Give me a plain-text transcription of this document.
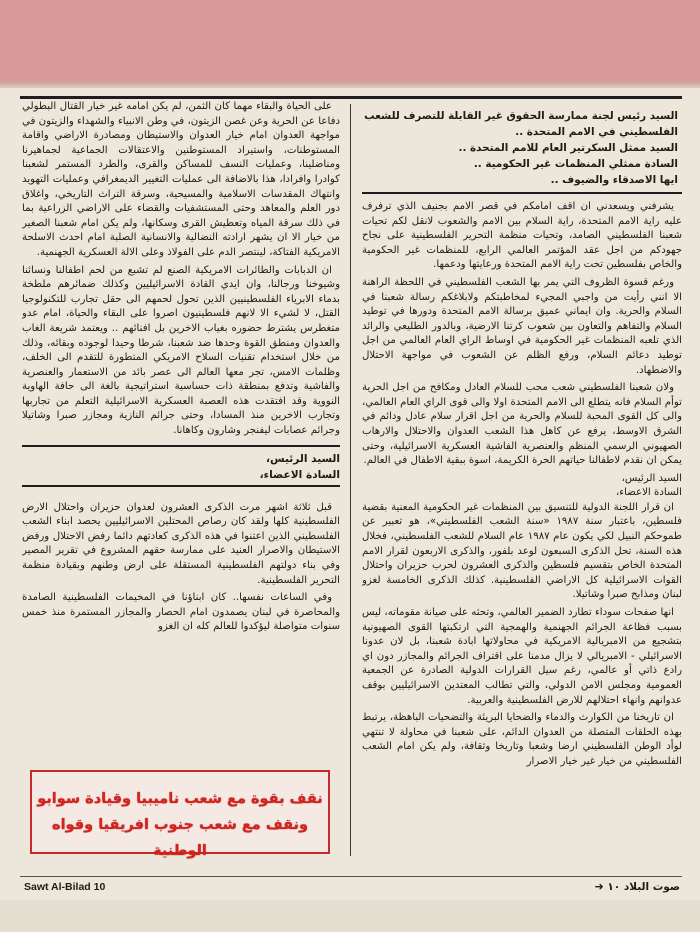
السيد رئيس لجنة ممارسة الحقوق غير القابلة للتصرف للشعب
الفلسطيني في الامم المتحدة ..
السيد ممثل السكرتير العام للامم المتحدة ..
السادة ممثلي المنظمات غير الحكومية ..
ايها الاصدقاء والضيوف ..

يشرفني ويسعدني ان اقف امامكم في قصر الامم بجنيف الذي ترفرف عليه راية الامم المتحدة، راية السلام بين الامم والشعوب لانقل لكم تحيات شعبنا الفلسطيني الصامد، وتحيات منظمة التحرير الفلسطينية على نجاح جهودكم من اجل عقد المؤتمر العالمي الرابع، للمنظمات غير الحكومية والخاص بفلسطين تحت راية الامم المتحدة ورعايتها ودعمها.

ورغم قسوة الظروف التي يمر بها الشعب الفلسطيني في اللحظة الراهنة الا انني رأيت من واجبي المجيء لمخاطبتكم ولابلاغكم رسالة شعبنا في السلام والحرية. وان ايماني عميق برسالة الامم المتحدة ودورها في توطيد السلام والتفاهم والتعاون بين شعوب كرتنا الارضية، وبالدور الطليعي والرائد الذي تلعبه المنظمات غير الحكومية في اوساط الراي العام العالمي من اجل توطيد دعائم السلام، ورفع الظلم عن الشعوب في مواجهة الاحتلال والاضطهاد.

ولان شعبنا الفلسطيني شعب محب للسلام العادل ومكافح من اجل الحرية توأم السلام فانه يتطلع الى الامم المتحدة اولا والى قوى الراي العام العالمي، والى كل القوى المحبة للسلام والحرية من اجل اقرار سلام عادل ودائم في الشرق الاوسط، يرفع عن كاهل هذا الشعب العدوان والاحتلال والارهاب الصهيوني الرسمي المنظم والعنصرية الفاشية العسكرية الاسرائيلية، وحتى يمكن ان نقدم لاطفالنا حياتهم الحرة الكريمة، اسوة ببقية الاطفال في العالم.

السيد الرئيس،

السادة الاعضاء،

ان قرار اللجنة الدولية للتنسيق بين المنظمات غير الحكومية المعنية بقضية فلسطين، باعتبار سنة ١٩٨٧ «سنة الشعب الفلسطيني»، هو تعبير عن طموحكم النبيل لكي يكون عام ١٩٨٧ عام السلام للشعب الفلسطيني، فخلال هذه السنة، تحل الذكرى السبعون لوعد بلفور، والذكرى الاربعون لقرار الامم المتحدة الخاص بتقسيم فلسطين والذكرى العشرون لحرب حزيران واحتلال القوات الاسرائيلية كل الاراضي الفلسطينية. كذلك الذكرى الخامسة لغزو لبنان ومذابح صبرا وشاتيلا.

انها صفحات سوداء تطارد الضمير العالمي، وتحثه على صيانة مقوماته، ليس بسبب فظاعة الجرائم الجهنمية والهمجية التي ارتكبتها القوى الصهيونية بتشجيع من الامبريالية الامريكية في محاولاتها ابادة شعبنا، بل لان عدونا الاسرائيلي - الامبريالي لا يزال مدمنا على اقتراف الجرائم والمجازر دون اي رادع ذاتي أو عالمي، رغم سيل القرارات الدولية الصادرة عن الجمعية العمومية ومجلس الامن الدولي، والتي تطالب المعتدين الاسرائيليين بوقف عدوانهم وانهاء احتلالهم للارض الفلسطينية والعربية.

ان تاريخنا من الكوارث والدماء والضحايا البريئة والتضحيات الباهظة، يرتبط بهذه الحلقات المتصلة من العدوان الدائم، على شعبنا في محاولة لا تنتهي لوأد الوطن الفلسطيني ارضا وشعبا وتاريخا وثقافة، ولم يكن امام الشعب الفلسطيني من خيار غير خيار الاصرار

على الحياة والبقاء مهما كان الثمن، لم يكن امامه غير خيار القتال البطولي دفاعا عن الحرية وعن غصن الزيتون، في وطن الانبياء والشهداء والزيتون في مواجهة العدوان امام خيار العدوان والاستيطان ومصادرة الاراضي واقامة المستوطنات، واستيراد المستوطنين والاعتقالات الجماعية لجماهيرنا ومناضلينا، وعمليات النسف للمساكن والقرى، والطرد المستمر لشعبنا كوادرا وافرادا، هذا بالاضافة الى عمليات التغيير الديمغرافي وعمليات التهويد وانتهاك المقدسات الاسلامية والمسيحية، وسرقة التراث التاريخي، واغلاق دور العلم والمعاهد وحتى المستشفيات والقضاء على الاراضي الزراعية بما في ذلك سرقة المياه وتعطيش القرى وسكانها، ولم يكن امام شعبنا الصغير من خيار الا ان يشهر ارادته النضالية والانسانية الصلبة امام احدث الاسلحة الامريكية الفتاكة، لينتصر الدم على الفولاذ وعلى الالة العسكرية الجهنمية.

ان الدبابات والطائرات الامريكية الصنع لم تشبع من لحم اطفالنا ونسائنا وشيوخنا ورجالنا، وان ايدي القادة الاسرائيليين وكذلك ضمائرهم ملطخة بدماء الابرياء الفلسطينيين الذين تحول لحمهم الى حقل تجارب للتكنولوجيا القتل، لا لشيء الا لانهم فلسطينيون اصروا على البقاء والحياة، امام عدو متغطرس يشترط حضوره بغياب الاخرين بل افنائهم .. ويعتمد شريعة الغاب والعدوان ومنطق القوة وحدها ضد شعبنا، شرطا وحيدا لوجوده وبقائه، وذلك من خلال استخدام تقنيات السلاح الامريكي المتطورة للتقدم الى الخلف، وظلمات الامس، تجر معها العالم الى عصر بائد من الاستعمار والعنصرية والفاشية وتدفع بمنطقة ذات حساسية استراتيجية بالغة الى حافة الهاوية النووية وقد افتقدت هذه العصبة العسكرية الاسرائيلية التعلم من تجاربها وتجارب الاخرين منذ المسادا، وحتى جرائم النازية ومجازر صبرا وشاتيلا وجرائم عصابات ليفنجر وشارون وكاهانا.

السيد الرئيس،
السادة الاعضاء،

قبل ثلاثة اشهر مرت الذكرى العشرون لعدوان حزيران واحتلال الارض الفلسطينية كلها ولقد كان رصاص المحتلين الاسرائيليين يحصد ابناء الشعب الفلسطيني الذين اعتنوا في هذه الذكرى كعادتهم دائما رفض الاحتلال ورفض الاستيطان والاصرار العنيد على ممارسة حقهم المشروع في تقرير المصير وفي بناء دولتهم الفلسطينية المستقلة على ارض وطنهم وبقيادة منظمة التحرير الفلسطينية.

وفي الساعات نفسها.. كان ابناؤنا في المخيمات الفلسطينية الصامدة والمحاصرة في لبنان يصمدون امام الحصار والمجازر المستمرة منذ خمس سنوات متواصلة ليؤكدوا للعالم كله ان الغزو

نقف بقوة مع شعب ناميبيا وقيادة سوابو
ونقف مع شعب جنوب افريقيا وقواه الوطنية
Sawt Al-Bilad 10	صوت البلاد ١٠ ➜
